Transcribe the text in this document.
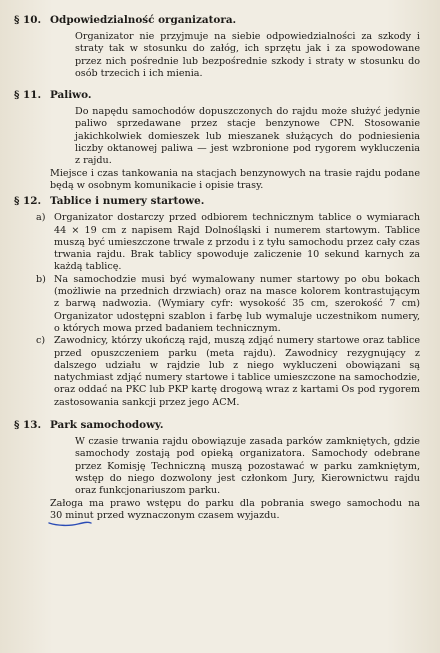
§ 10. Odpowiedzialność organizatora.

Organizator nie przyjmuje na siebie odpowiedzialności za szkody i straty tak w stosunku do załóg, ich sprzętu jak i za spowodowane przez nich pośrednie lub bezpośrednie szkody i straty w stosunku do osób trzecich i ich mienia.

§ 11. Paliwo.

Do napędu samochodów dopuszczonych do rajdu może służyć jedynie paliwo sprzedawane przez stacje benzynowe CPN. Stosowanie jakichkolwiek domieszek lub mieszanek służących do podniesienia liczby oktanowej paliwa — jest wzbronione pod rygorem wykluczenia z rajdu.

Miejsce i czas tankowania na stacjach benzynowych na trasie rajdu podane będą w osobnym komunikacie i opisie trasy.

§ 12. Tablice i numery startowe.
a) Organizator dostarczy przed odbiorem technicznym tablice o wymiarach 44 × 19 cm z napisem Rajd Dolnośląski i numerem startowym. Tablice muszą być umieszczone trwale z przodu i z tyłu samochodu przez cały czas trwania rajdu. Brak tablicy spowoduje zaliczenie 10 sekund karnych za każdą tablicę.

b) Na samochodzie musi być wymalowany numer startowy po obu bokach (możliwie na przednich drzwiach) oraz na masce kolorem kontrastującym z barwą nadwozia. (Wymiary cyfr: wysokość 35 cm, szerokość 7 cm) Organizator udostępni szablon i farbę lub wymaluje uczestnikom numery, o których mowa przed badaniem technicznym.

c) Zawodnicy, którzy ukończą rajd, muszą zdjąć numery startowe oraz tablice przed opuszczeniem parku (meta rajdu). Zawodnicy rezygnujący z dalszego udziału w rajdzie lub z niego wykluczeni obowiązani są natychmiast zdjąć numery startowe i tablice umieszczone na samochodzie, oraz oddać na PKC lub PKP kartę drogową wraz z kartami Os pod rygorem zastosowania sankcji przez jego ACM.

§ 13. Park samochodowy.

W czasie trwania rajdu obowiązuje zasada parków zamkniętych, gdzie samochody zostają pod opieką organizatora. Samochody odebrane przez Komisję Techniczną muszą pozostawać w parku zamkniętym, wstęp do niego dozwolony jest członkom Jury, Kierownictwu rajdu oraz funkcjonariuszom parku.

Załoga ma prawo wstępu do parku dla pobrania swego samochodu na 30 minut
przed wyznaczonym czasem wyjazdu.
